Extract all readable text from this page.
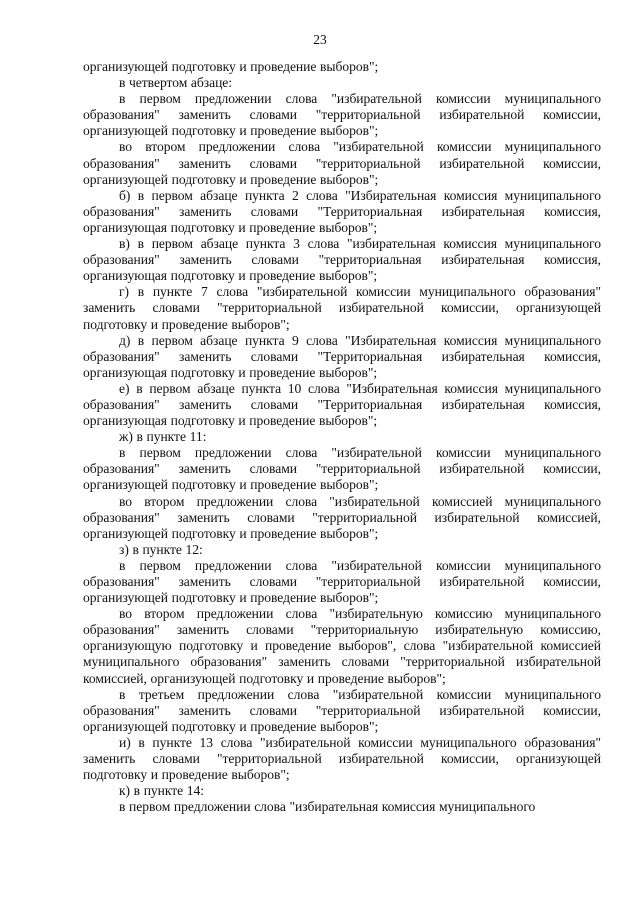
23

организующей подготовку и проведение выборов";

в четвертом абзаце:

в первом предложении слова "избирательной комиссии муниципального образования" заменить словами "территориальной избирательной комиссии, организующей подготовку и проведение выборов";

во втором предложении слова "избирательной комиссии муниципального образования" заменить словами "территориальной избирательной комиссии, организующей подготовку и проведение выборов";

б) в первом абзаце пункта 2 слова "Избирательная комиссия муниципального образования" заменить словами "Территориальная избирательная комиссия, организующая подготовку и проведение выборов";

в) в первом абзаце пункта 3 слова "избирательная комиссия муниципального образования" заменить словами "территориальная избирательная комиссия, организующая подготовку и проведение выборов";

г) в пункте 7 слова "избирательной комиссии муниципального образования" заменить словами "территориальной избирательной комиссии, организующей подготовку и проведение выборов";

д) в первом абзаце пункта 9 слова "Избирательная комиссия муниципального образования" заменить словами "Территориальная избирательная комиссия, организующая подготовку и проведение выборов";

е) в первом абзаце пункта 10 слова "Избирательная комиссия муниципального образования" заменить словами "Территориальная избирательная комиссия, организующая подготовку и проведение выборов";

ж) в пункте 11:

в первом предложении слова "избирательной комиссии муниципального образования" заменить словами "территориальной избирательной комиссии, организующей подготовку и проведение выборов";

во втором предложении слова "избирательной комиссией муниципального образования" заменить словами "территориальной избирательной комиссией, организующей подготовку и проведение выборов";

з) в пункте 12:

в первом предложении слова "избирательной комиссии муниципального образования" заменить словами "территориальной избирательной комиссии, организующей подготовку и проведение выборов";

во втором предложении слова "избирательную комиссию муниципального образования" заменить словами "территориальную избирательную комиссию, организующую подготовку и проведение выборов", слова "избирательной комиссией муниципального образования" заменить словами "территориальной избирательной комиссией, организующей подготовку и проведение выборов";

в третьем предложении слова "избирательной комиссии муниципального образования" заменить словами "территориальной избирательной комиссии, организующей подготовку и проведение выборов";

и) в пункте 13 слова "избирательной комиссии муниципального образования" заменить словами "территориальной избирательной комиссии, организующей подготовку и проведение выборов";

к) в пункте 14:

в первом предложении слова "избирательная комиссия муниципального
